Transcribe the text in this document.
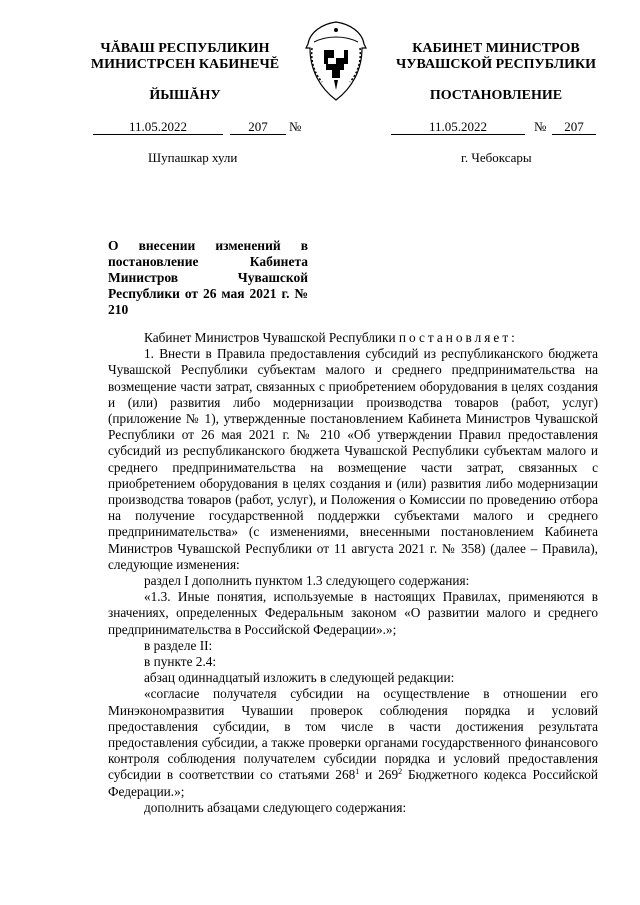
ЧĂВАШ РЕСПУБЛИКИН
МИНИСТРСЕН КАБИНЕЧĔ
КАБИНЕТ МИНИСТРОВ
ЧУВАШСКОЙ РЕСПУБЛИКИ
ЙЫШĂНУ	ПОСТАНОВЛЕНИЕ
11.05.2022	207	№	11.05.2022	№	207
Шупашкар хули	г. Чебоксары
О внесении изменений в постановление Кабинета Министров Чувашской Республики от 26 мая 2021 г. № 210

Кабинет Министров Чувашской Республики постановляет:

1. Внести в Правила предоставления субсидий из республиканского бюджета Чувашской Республики субъектам малого и среднего предпринимательства на возмещение части затрат, связанных с приобретением оборудования в целях создания и (или) развития либо модернизации производства товаров (работ, услуг) (приложение № 1), утвержденные постановлением Кабинета Министров Чувашской Республики от 26 мая 2021 г. № 210 «Об утверждении Правил предоставления субсидий из республиканского бюджета Чувашской Республики субъектам малого и среднего предпринимательства на возмещение части затрат, связанных с приобретением оборудования в целях создания и (или) развития либо модернизации производства товаров (работ, услуг), и Положения о Комиссии по проведению отбора на получение государственной поддержки субъектами малого и среднего предпринимательства» (с изменениями, внесенными постановлением Кабинета Министров Чувашской Республики от 11 августа 2021 г. № 358) (далее – Правила), следующие изменения:

раздел I дополнить пунктом 1.3 следующего содержания:

«1.3. Иные понятия, используемые в настоящих Правилах, применяются в значениях, определенных Федеральным законом «О развитии малого и среднего предпринимательства в Российской Федерации».»;

в разделе II:

в пункте 2.4:

абзац одиннадцатый изложить в следующей редакции:

«согласие получателя субсидии на осуществление в отношении его Минэкономразвития Чувашии проверок соблюдения порядка и условий предоставления субсидии, в том числе в части достижения результата предоставления субсидии, а также проверки органами государственного финансового контроля соблюдения получателем субсидии порядка и условий предоставления субсидии в соответствии со статьями $268^1$ и $269^2$ Бюджетного кодекса Российской Федерации.»;

дополнить абзацами следующего содержания:
